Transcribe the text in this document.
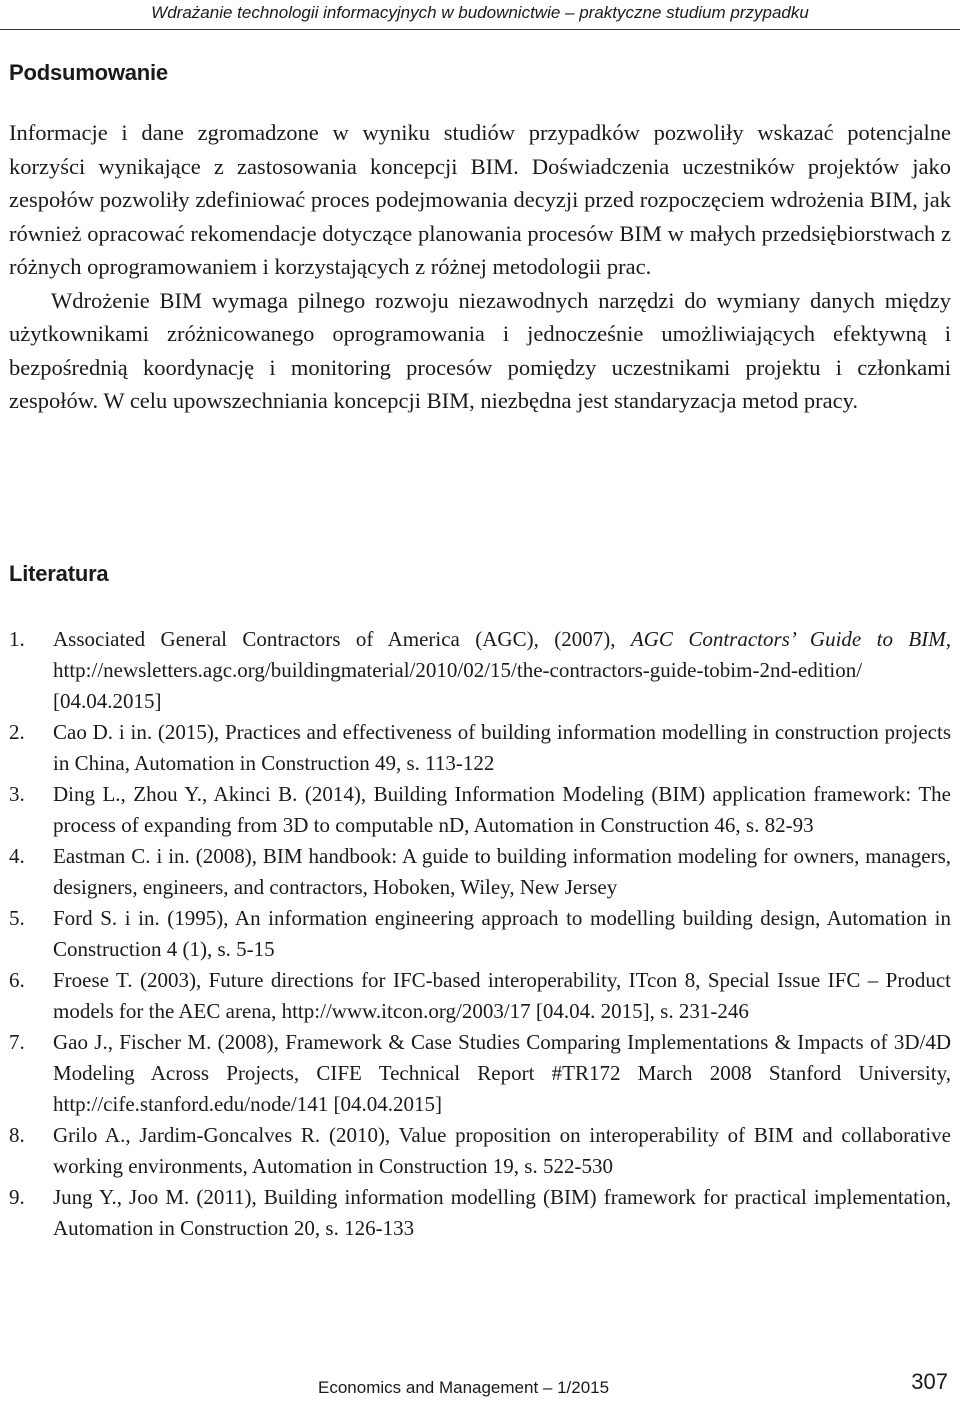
Wdrażanie technologii informacyjnych w budownictwie – praktyczne studium przypadku
Podsumowanie

Informacje i dane zgromadzone w wyniku studiów przypadków pozwoliły wskazać potencjalne korzyści wynikające z zastosowania koncepcji BIM. Doświadczenia uczestników projektów jako zespołów pozwoliły zdefiniować proces podejmowania decyzji przed rozpoczęciem wdrożenia BIM, jak również opracować rekomendacje dotyczące planowania procesów BIM w małych przedsiębiorstwach z różnych oprogramowaniem i korzystających z różnej metodologii prac.

Wdrożenie BIM wymaga pilnego rozwoju niezawodnych narzędzi do wymiany danych między użytkownikami zróżnicowanego oprogramowania i jednocześnie umożliwiających efektywną i bezpośrednią koordynację i monitoring procesów pomiędzy uczestnikami projektu i członkami zespołów. W celu upowszechniania koncepcji BIM, niezbędna jest standaryzacja metod pracy.

Literatura
1.	Associated General Contractors of America (AGC), (2007), AGC Contractors’ Guide to BIM, http://newsletters.agc.org/buildingmaterial/2010/02/15/the-contractors-guide-tobim-2nd-edition/ [04.04.2015]
2.	Cao D. i in. (2015), Practices and effectiveness of building information modelling in construction projects in China, Automation in Construction 49, s. 113-122
3.	Ding L., Zhou Y., Akinci B. (2014), Building Information Modeling (BIM) application framework: The process of expanding from 3D to computable nD, Automation in Construction 46, s. 82-93
4.	Eastman C. i in. (2008), BIM handbook: A guide to building information modeling for owners, managers, designers, engineers, and contractors, Hoboken, Wiley, New Jersey
5.	Ford S. i in. (1995), An information engineering approach to modelling building design, Automation in Construction 4 (1), s. 5-15
6.	Froese T. (2003), Future directions for IFC-based interoperability, ITcon 8, Special Issue IFC – Product models for the AEC arena, http://www.itcon.org/2003/17 [04.04. 2015], s. 231-246
7.	Gao J., Fischer M. (2008), Framework & Case Studies Comparing Implementations & Impacts of 3D/4D Modeling Across Projects, CIFE Technical Report #TR172 March 2008 Stanford University, http://cife.stanford.edu/node/141 [04.04.2015]
8.	Grilo A., Jardim-Goncalves R. (2010), Value proposition on interoperability of BIM and collaborative working environments, Automation in Construction 19, s. 522-530
9.	Jung Y., Joo M. (2011), Building information modelling (BIM) framework for practical implementation, Automation in Construction 20, s. 126-133
Economics and Management – 1/2015	307
